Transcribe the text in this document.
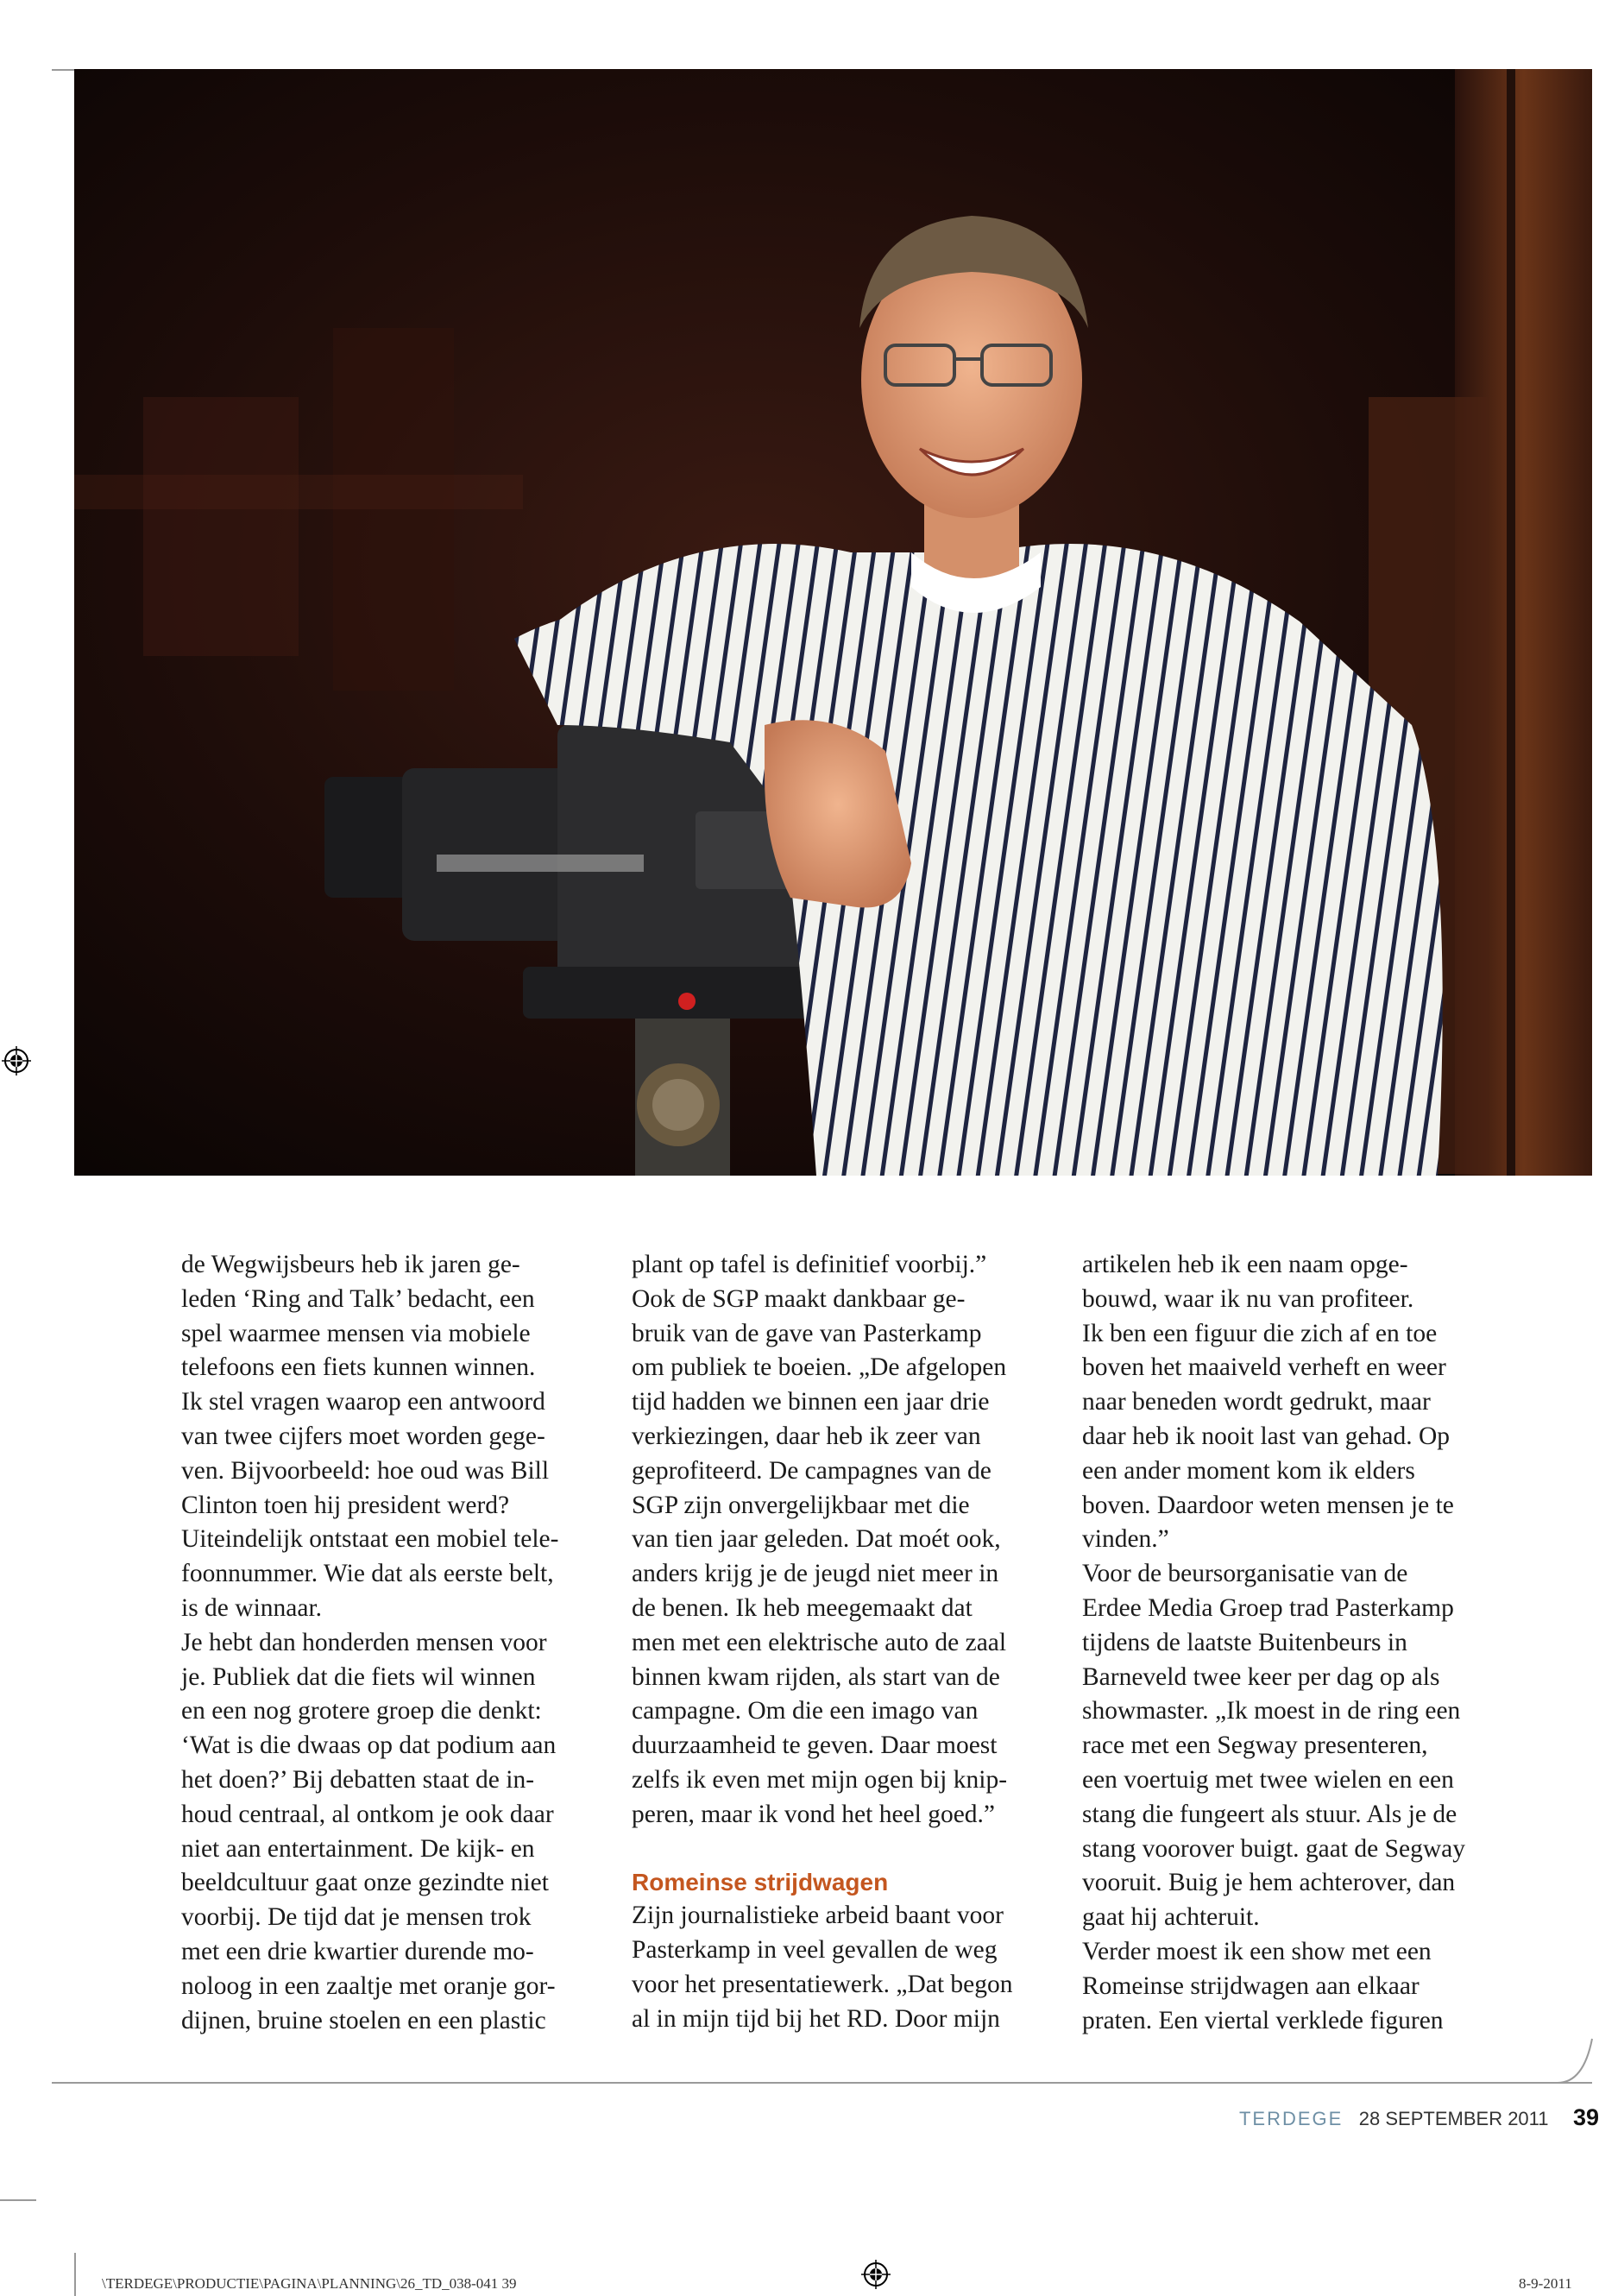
de Wegwijsbeurs heb ik jaren ge-

leden ‘Ring and Talk’ bedacht, een

spel waarmee mensen via mobiele

telefoons een fiets kunnen winnen.

Ik stel vragen waarop een antwoord

van twee cijfers moet worden gege-

ven. Bijvoorbeeld: hoe oud was Bill

Clinton toen hij president werd?

Uiteindelijk ontstaat een mobiel tele-

foonnummer. Wie dat als eerste belt,

is de winnaar.

Je hebt dan honderden mensen voor

je. Publiek dat die fiets wil winnen

en een nog grotere groep die denkt:

‘Wat is die dwaas op dat podium aan

het doen?’ Bij debatten staat de in-

houd centraal, al ontkom je ook daar

niet aan entertainment. De kijk- en

beeldcultuur gaat onze gezindte niet

voorbij. De tijd dat je mensen trok

met een drie kwartier durende mo-

noloog in een zaaltje met oranje gor-

dijnen, bruine stoelen en een plastic

plant op tafel is definitief voorbij.”

Ook de SGP maakt dankbaar ge-

bruik van de gave van Pasterkamp

om publiek te boeien. „De afgelopen

tijd hadden we binnen een jaar drie

verkiezingen, daar heb ik zeer van

geprofiteerd. De campagnes van de

SGP zijn onvergelijkbaar met die

van tien jaar geleden. Dat moét ook,

anders krijg je de jeugd niet meer in

de benen. Ik heb meegemaakt dat

men met een elektrische auto de zaal

binnen kwam rijden, als start van de

campagne. Om die een imago van

duurzaamheid te geven. Daar moest

zelfs ik even met mijn ogen bij knip-

peren, maar ik vond het heel goed.”

Romeinse strijdwagen

Zijn journalistieke arbeid baant voor

Pasterkamp in veel gevallen de weg

voor het presentatiewerk. „Dat begon

al in mijn tijd bij het RD. Door mijn

artikelen heb ik een naam opge-

bouwd, waar ik nu van profiteer.

Ik ben een figuur die zich af en toe

boven het maaiveld verheft en weer

naar beneden wordt gedrukt, maar

daar heb ik nooit last van gehad. Op

een ander moment kom ik elders

boven. Daardoor weten mensen je te

vinden.”

Voor de beursorganisatie van de

Erdee Media Groep trad Pasterkamp

tijdens de laatste Buitenbeurs in

Barneveld twee keer per dag op als

showmaster. „Ik moest in de ring een

race met een Segway presenteren,

een voertuig met twee wielen en een

stang die fungeert als stuur. Als je de

stang voorover buigt. gaat de Segway

vooruit. Buig je hem achterover, dan

gaat hij achteruit.

Verder moest ik een show met een

Romeinse strijdwagen aan elkaar

praten. Een viertal verklede figuren

TERDEGE 28 SEPTEMBER 2011 39
\TERDEGE\PRODUCTIE\PAGINA\PLANNING\26_TD_038-041 39	8-9-2011
